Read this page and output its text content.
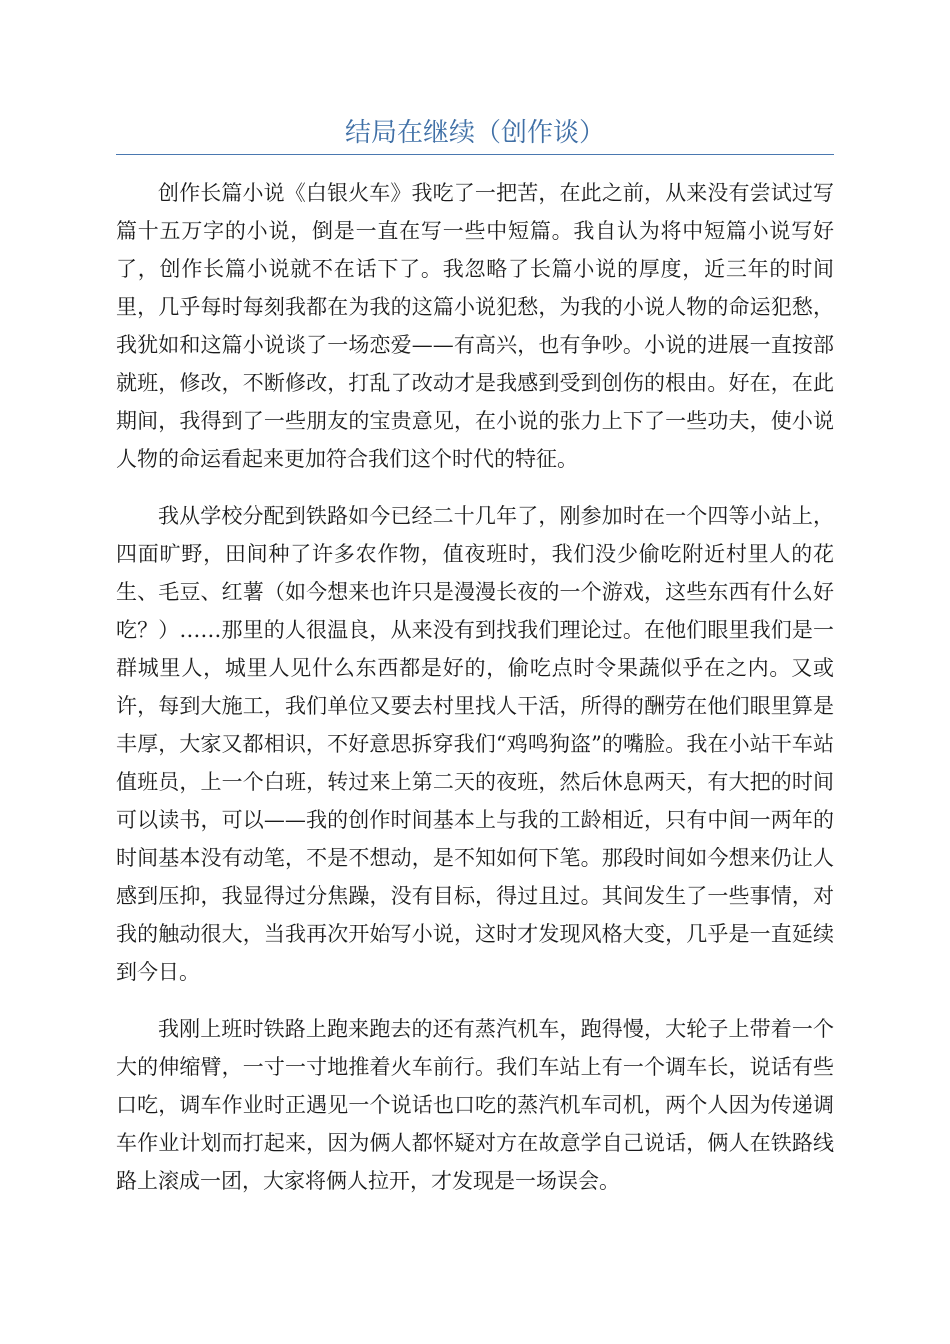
结局在继续（创作谈）

创作长篇小说《白银火车》我吃了一把苦，在此之前，从来没有尝试过写篇十五万字的小说，倒是一直在写一些中短篇。我自认为将中短篇小说写好了，创作长篇小说就不在话下了。我忽略了长篇小说的厚度，近三年的时间里，几乎每时每刻我都在为我的这篇小说犯愁，为我的小说人物的命运犯愁，我犹如和这篇小说谈了一场恋爱——有高兴，也有争吵。小说的进展一直按部就班，修改，不断修改，打乱了改动才是我感到受到创伤的根由。好在，在此期间，我得到了一些朋友的宝贵意见，在小说的张力上下了一些功夫，使小说人物的命运看起来更加符合我们这个时代的特征。

我从学校分配到铁路如今已经二十几年了，刚参加时在一个四等小站上，四面旷野，田间种了许多农作物，值夜班时，我们没少偷吃附近村里人的花生、毛豆、红薯（如今想来也许只是漫漫长夜的一个游戏，这些东西有什么好吃？）……那里的人很温良，从来没有到找我们理论过。在他们眼里我们是一群城里人，城里人见什么东西都是好的，偷吃点时令果蔬似乎在之内。又或许，每到大施工，我们单位又要去村里找人干活，所得的酬劳在他们眼里算是丰厚，大家又都相识，不好意思拆穿我们“鸡鸣狗盗”的嘴脸。我在小站干车站值班员，上一个白班，转过来上第二天的夜班，然后休息两天，有大把的时间可以读书，可以——我的创作时间基本上与我的工龄相近，只有中间一两年的时间基本没有动笔，不是不想动，是不知如何下笔。那段时间如今想来仍让人感到压抑，我显得过分焦躁，没有目标，得过且过。其间发生了一些事情，对我的触动很大，当我再次开始写小说，这时才发现风格大变，几乎是一直延续到今日。

我刚上班时铁路上跑来跑去的还有蒸汽机车，跑得慢，大轮子上带着一个大的伸缩臂，一寸一寸地推着火车前行。我们车站上有一个调车长，说话有些口吃，调车作业时正遇见一个说话也口吃的蒸汽机车司机，两个人因为传递调车作业计划而打起来，因为俩人都怀疑对方在故意学自己说话，俩人在铁路线路上滚成一团，大家将俩人拉开，才发现是一场误会。
